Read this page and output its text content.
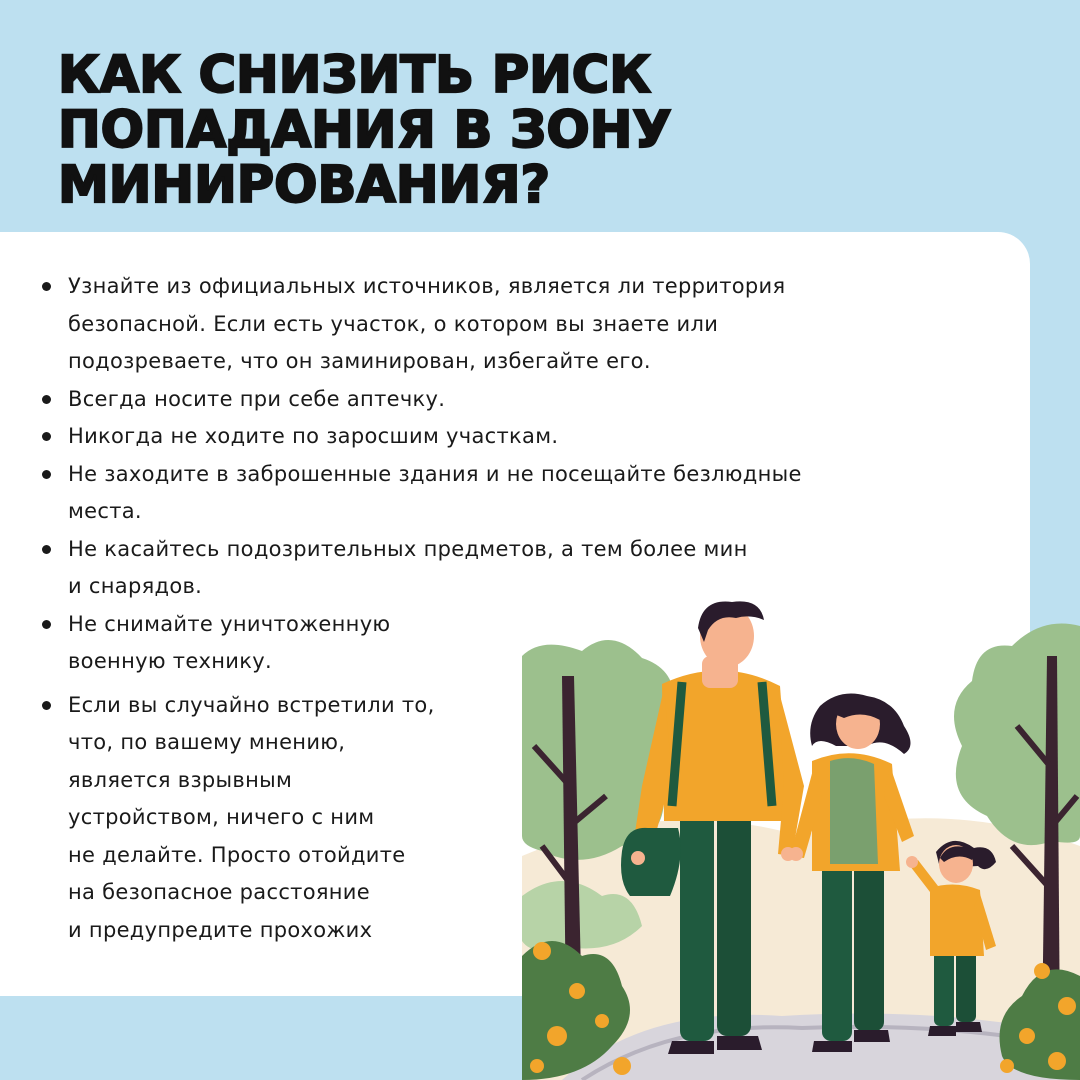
КАК СНИЗИТЬ РИСК
ПОПАДАНИЯ В ЗОНУ
МИНИРОВАНИЯ?
Узнайте из официальных источников, является ли территория
безопасной. Если есть участок, о котором вы знаете или
подозреваете, что он заминирован, избегайте его.
Всегда носите при себе аптечку.
Никогда не ходите по заросшим участкам.
Не заходите в заброшенные здания и не посещайте безлюдные
места.
Не касайтесь подозрительных предметов, а тем более мин
и снарядов.
Не снимайте уничтоженную
военную технику.
Если вы случайно встретили то,
что, по вашему мнению,
является взрывным
устройством, ничего с ним
не делайте. Просто отойдите
на безопасное расстояние
и предупредите прохожих
